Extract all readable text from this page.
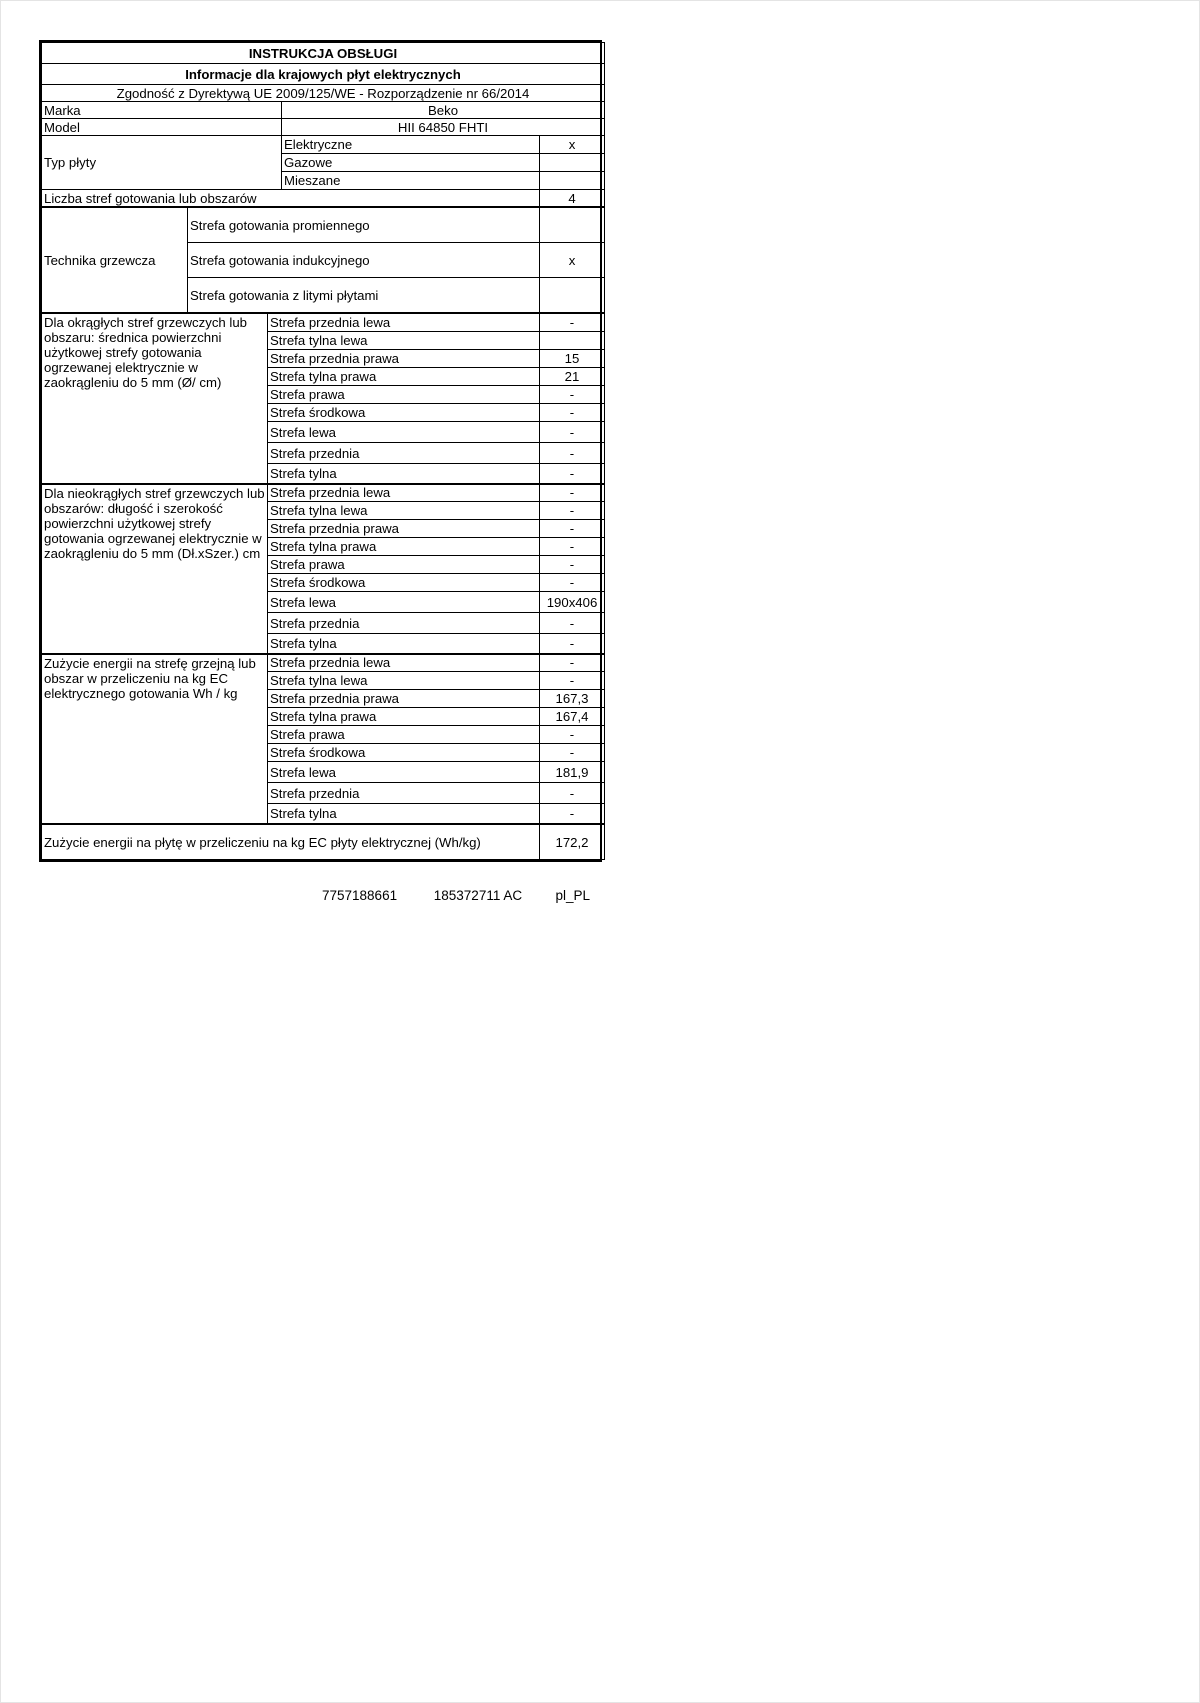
INSTRUKCJA OBSŁUGI		
Informacje dla krajowych płyt elektrycznych		
Zgodność z Dyrektywą UE 2009/125/WE - Rozporządzenie nr 66/2014		
Marka	Beko	
Model	HII 64850 FHTI	
Typ płyty	Elektryczne	x
	Gazowe	
	Mieszane	
Liczba stref gotowania lub obszarów		4
Technika grzewcza	Strefa gotowania promiennego	
	Strefa gotowania indukcyjnego	x
	Strefa gotowania z litymi płytami	
Dla okrągłych stref grzewczych lub obszaru: średnica powierzchni użytkowej strefy gotowania ogrzewanej elektrycznie w zaokrągleniu do 5 mm (Ø/ cm)	Strefa przednia lewa	-
	Strefa tylna lewa	
	Strefa przednia prawa	15
	Strefa tylna prawa	21
	Strefa prawa	-
	Strefa środkowa	-
	Strefa lewa	-
	Strefa przednia	-
	Strefa tylna	-
Dla nieokrągłych stref grzewczych lub obszarów: długość i szerokość powierzchni użytkowej strefy gotowania ogrzewanej elektrycznie w zaokrągleniu do 5 mm (Dł.xSzer.) cm	Strefa przednia lewa	-
	Strefa tylna lewa	-
	Strefa przednia prawa	-
	Strefa tylna prawa	-
	Strefa prawa	-
	Strefa środkowa	-
	Strefa lewa	190x406
	Strefa przednia	-
	Strefa tylna	-
Zużycie energii na strefę grzejną lub obszar w przeliczeniu na kg EC elektrycznego gotowania Wh / kg	Strefa przednia lewa	-
	Strefa tylna lewa	-
	Strefa przednia prawa	167,3
	Strefa tylna prawa	167,4
	Strefa prawa	-
	Strefa środkowa	-
	Strefa lewa	181,9
	Strefa przednia	-
	Strefa tylna	-
Zużycie energii na płytę w przeliczeniu na kg EC płyty elektrycznej (Wh/kg)	172,2
7757188661	185372711 AC pl_PL
